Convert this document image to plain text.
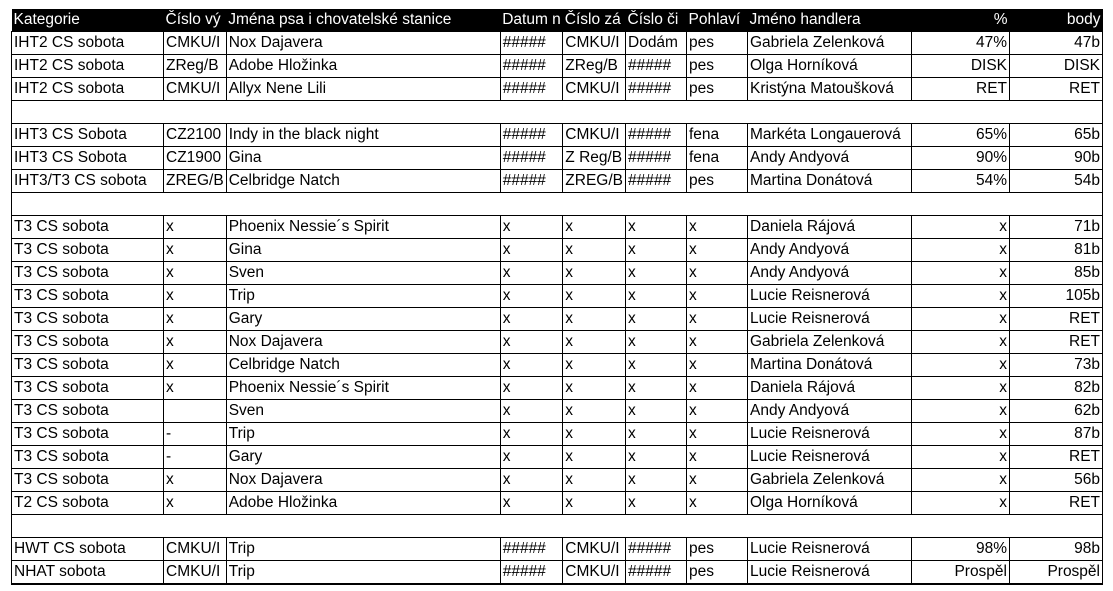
Kategorie	Číslo vý	Jména psa i chovatelské stanice	Datum n	Číslo zá	Číslo či	Pohlaví	Jméno handlera	%	body
IHT2 CS sobota	CMKU/I	Nox Dajavera	#####	CMKU/I	Dodám	pes	Gabriela Zelenková	47%	47b
IHT2 CS sobota	ZReg/B	Adobe Hložinka	#####	ZReg/B	#####	pes	Olga Horníková	DISK	DISK
IHT2 CS sobota	CMKU/I	Allyx Nene Lili	#####	CMKU/I	#####	pes	Kristýna Matoušková	RET	RET

IHT3 CS Sobota	CZ2100	Indy in the black night	#####	CMKU/I	#####	fena	Markéta Longauerová	65%	65b
IHT3 CS Sobota	CZ1900	Gina	#####	Z Reg/B	#####	fena	Andy Andyová	90%	90b
IHT3/T3 CS sobota	ZREG/B	Celbridge Natch	#####	ZREG/B	#####	pes	Martina Donátová	54%	54b

T3 CS sobota	x	Phoenix Nessie´s Spirit	x	x	x	x	Daniela Rájová	x	71b
T3 CS sobota	x	Gina	x	x	x	x	Andy Andyová	x	81b
T3 CS sobota	x	Sven	x	x	x	x	Andy Andyová	x	85b
T3 CS sobota	x	Trip	x	x	x	x	Lucie Reisnerová	x	105b
T3 CS sobota	x	Gary	x	x	x	x	Lucie Reisnerová	x	RET
T3 CS sobota	x	Nox Dajavera	x	x	x	x	Gabriela Zelenková	x	RET
T3 CS sobota	x	Celbridge Natch	x	x	x	x	Martina Donátová	x	73b
T3 CS sobota	x	Phoenix Nessie´s Spirit	x	x	x	x	Daniela Rájová	x	82b
T3 CS sobota		Sven	x	x	x	x	Andy Andyová	x	62b
T3 CS sobota	-	Trip	x	x	x	x	Lucie Reisnerová	x	87b
T3 CS sobota	-	Gary	x	x	x	x	Lucie Reisnerová	x	RET
T3 CS sobota	x	Nox Dajavera	x	x	x	x	Gabriela Zelenková	x	56b
T2 CS sobota	x	Adobe Hložinka	x	x	x	x	Olga Horníková	x	RET

HWT CS sobota	CMKU/I	Trip	#####	CMKU/I	#####	pes	Lucie Reisnerová	98%	98b
NHAT sobota	CMKU/I	Trip	#####	CMKU/I	#####	pes	Lucie Reisnerová	Prospěl	Prospěl
